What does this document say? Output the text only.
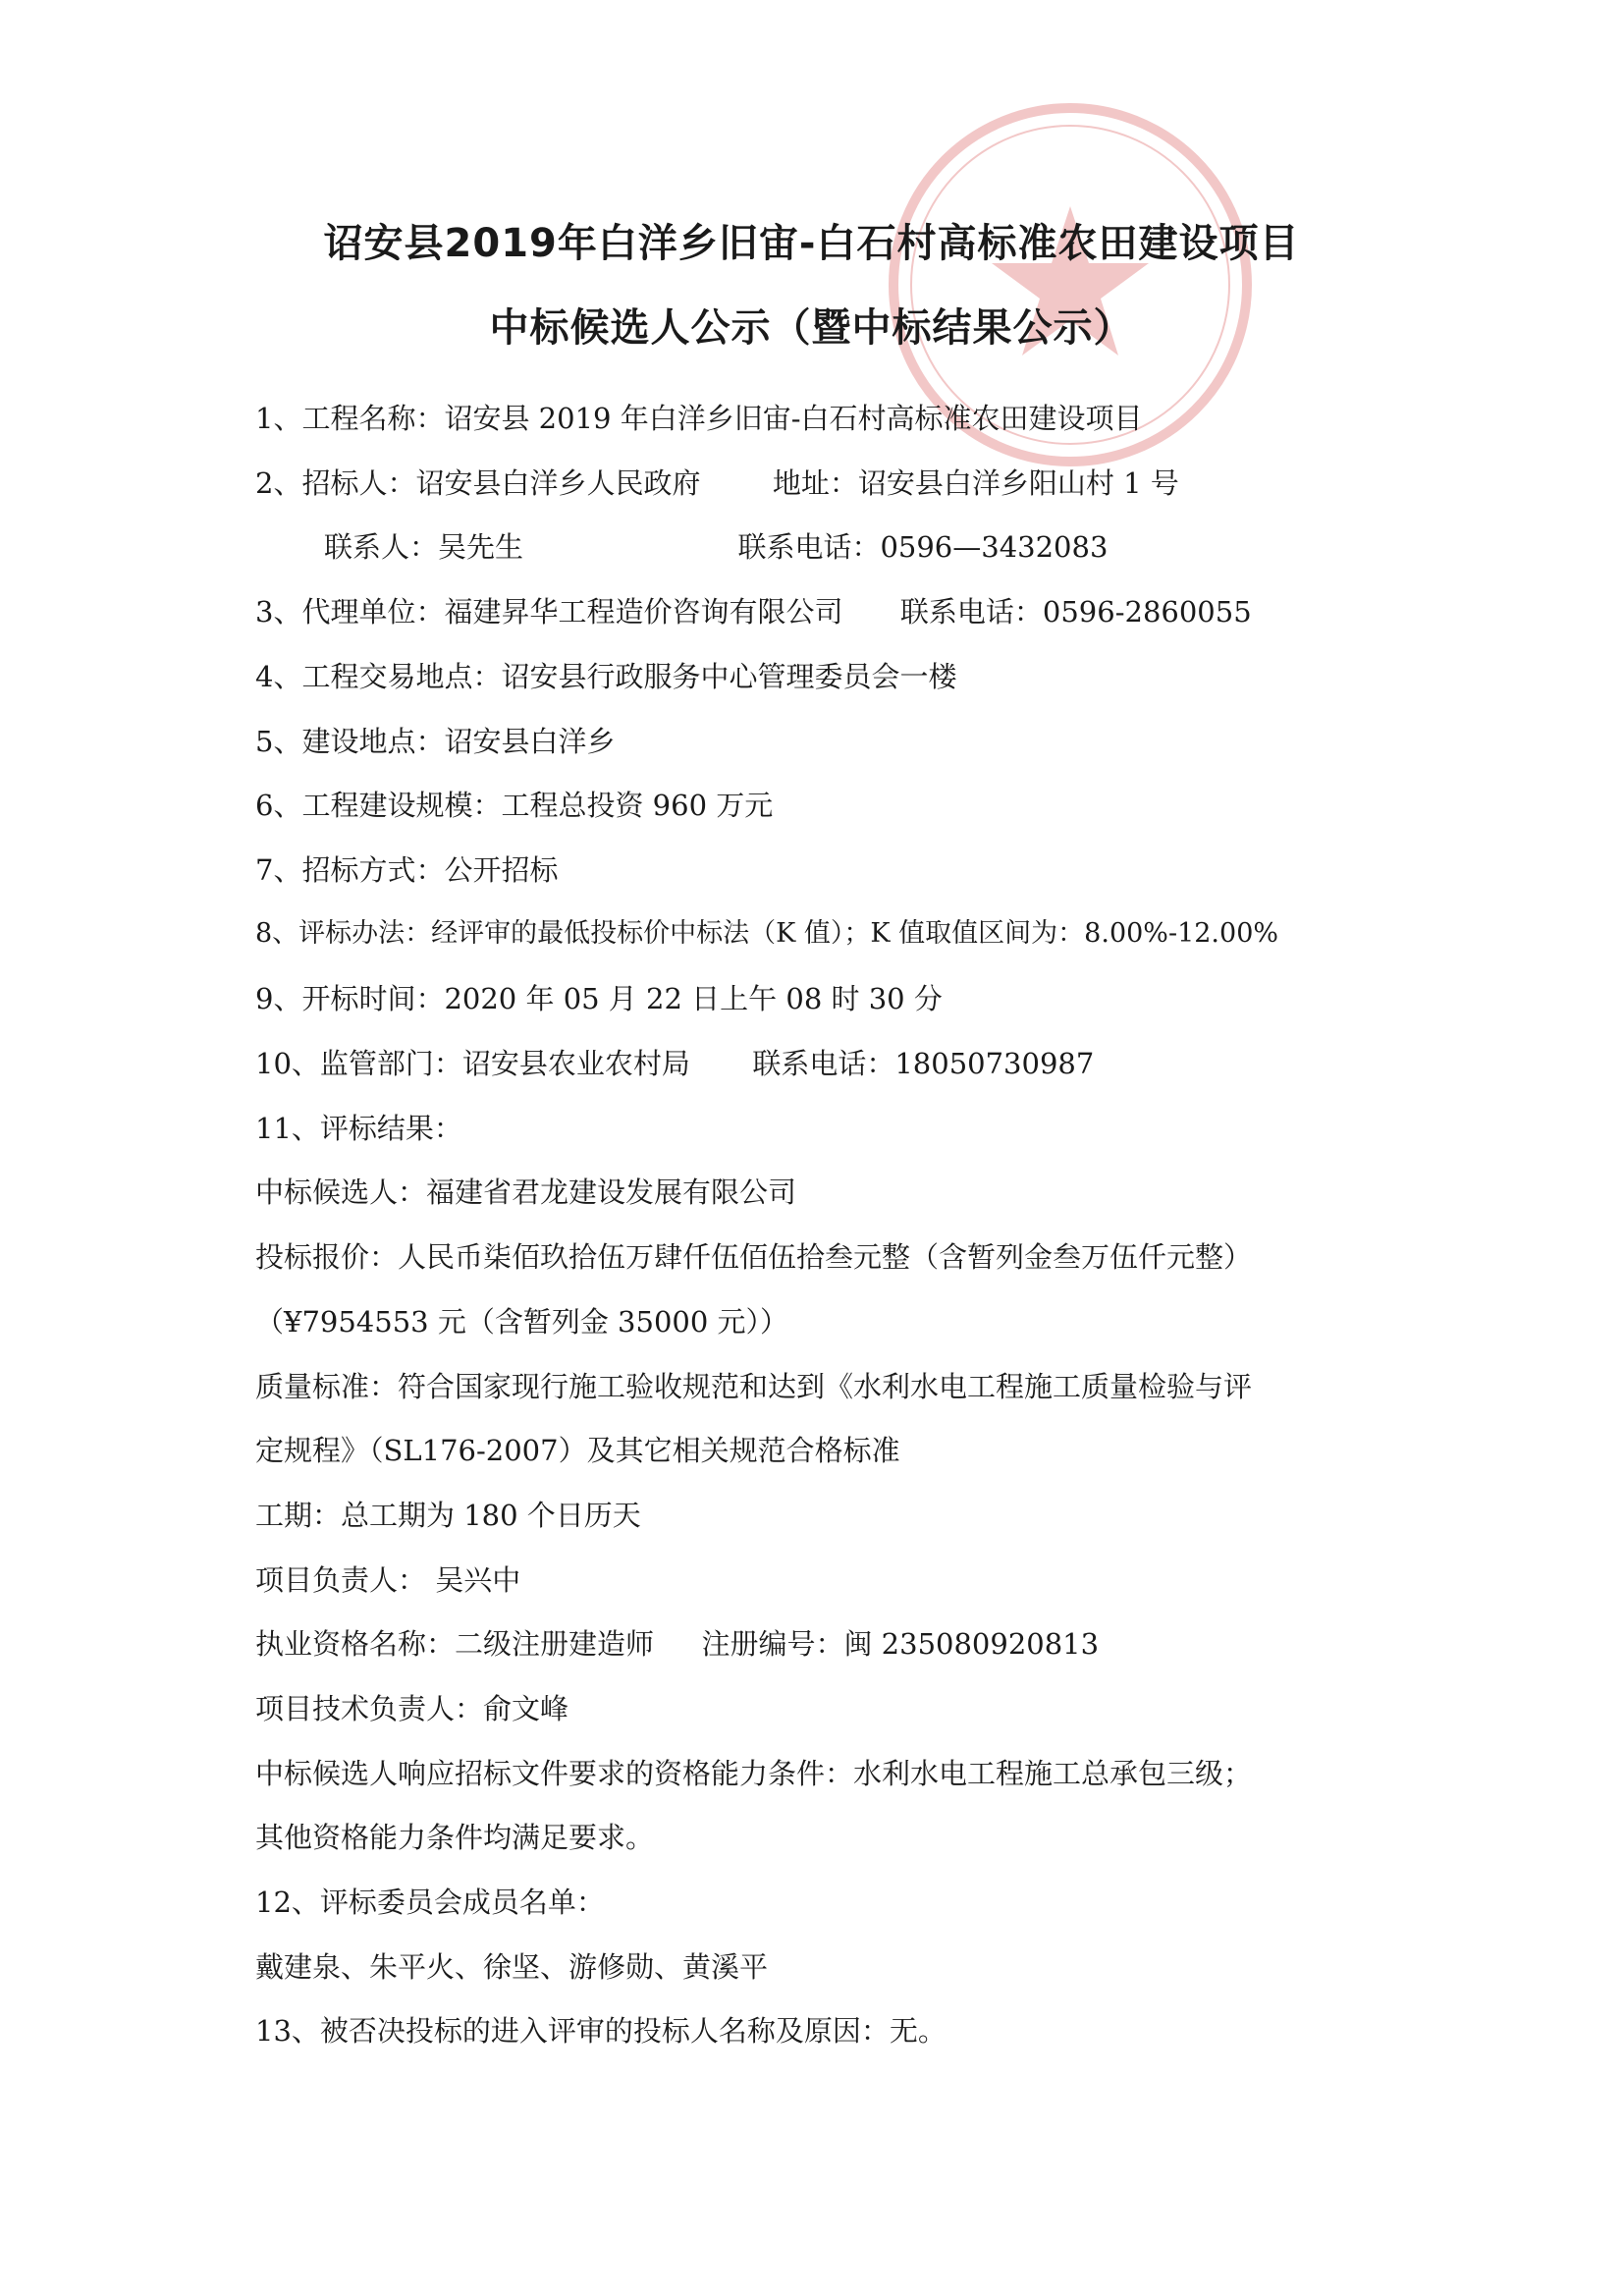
诏安县2019年白洋乡旧宙-白石村高标准农田建设项目
中标候选人公示（暨中标结果公示）
1、工程名称：诏安县 2019 年白洋乡旧宙-白石村高标准农田建设项目
2、招标人：诏安县白洋乡人民政府	地址：诏安县白洋乡阳山村 1 号
联系人：吴先生	联系电话：0596—3432083
3、代理单位：福建昇华工程造价咨询有限公司 联系电话：0596-2860055
4、工程交易地点：诏安县行政服务中心管理委员会一楼
5、建设地点：诏安县白洋乡
6、工程建设规模：工程总投资 960 万元
7、招标方式：公开招标
8、评标办法：经评审的最低投标价中标法（K 值）；K 值取值区间为：8.00%-12.00%
9、开标时间：2020 年 05 月 22 日上午 08 时 30 分
10、监管部门：诏安县农业农村局 联系电话：18050730987
11、评标结果：
中标候选人：福建省君龙建设发展有限公司
投标报价：人民币柒佰玖拾伍万肆仟伍佰伍拾叁元整（含暂列金叁万伍仟元整）
（¥7954553 元（含暂列金 35000 元））
质量标准：符合国家现行施工验收规范和达到《水利水电工程施工质量检验与评
定规程》（SL176-2007）及其它相关规范合格标准
工期：总工期为 180 个日历天
项目负责人： 吴兴中
执业资格名称：二级注册建造师 注册编号：闽 235080920813
项目技术负责人：俞文峰
中标候选人响应招标文件要求的资格能力条件：水利水电工程施工总承包三级；
其他资格能力条件均满足要求。
12、评标委员会成员名单：
戴建泉、朱平火、徐坚、游修勋、黄溪平
13、被否决投标的进入评审的投标人名称及原因：无。
